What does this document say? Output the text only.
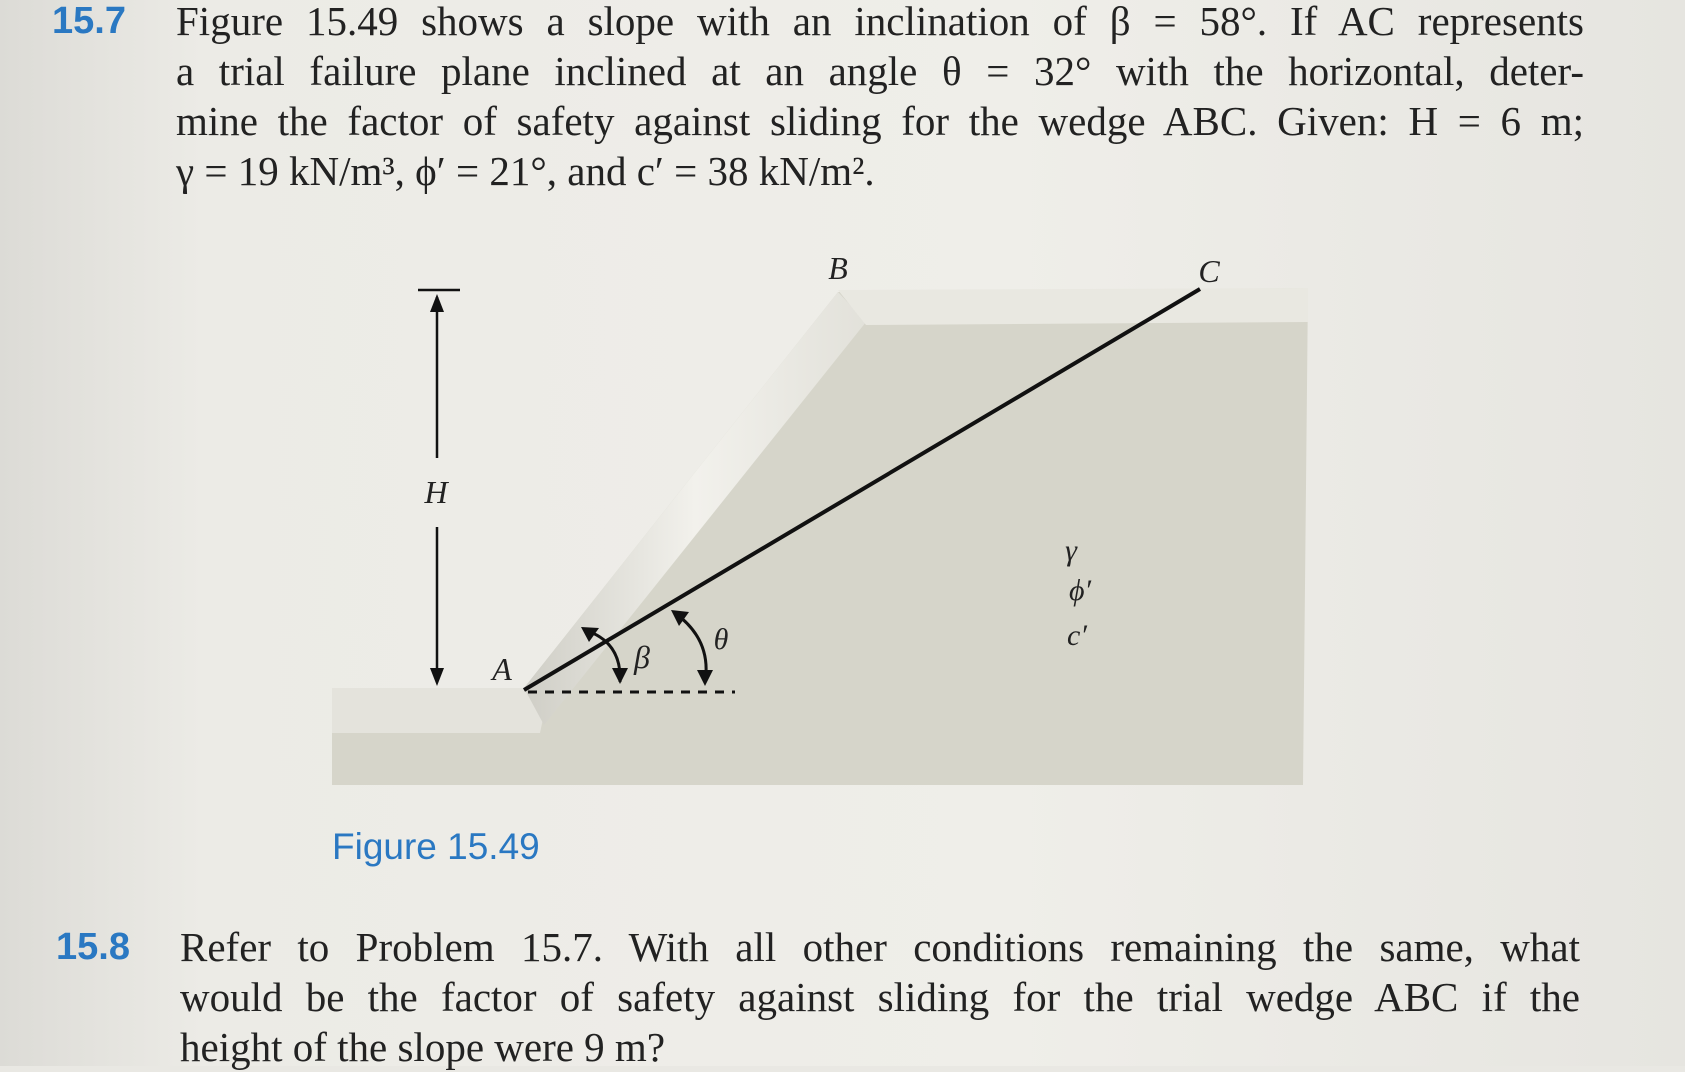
15.7 Figure 15.49 shows a slope with an inclination of β = 58°. If AC represents
a trial failure plane inclined at an angle θ = 32° with the horizontal, deter-
mine the factor of safety against sliding for the wedge ABC. Given: H = 6 m;
γ = 19 kN/m³, ϕ′ = 21°, and c′ = 38 kN/m².
B	C
H
A	β θ
γ
ϕ′
c′
Figure 15.49
15.8 Refer to Problem 15.7. With all other conditions remaining the same, what
would be the factor of safety against sliding for the trial wedge ABC if the
height of the slope were 9 m?
